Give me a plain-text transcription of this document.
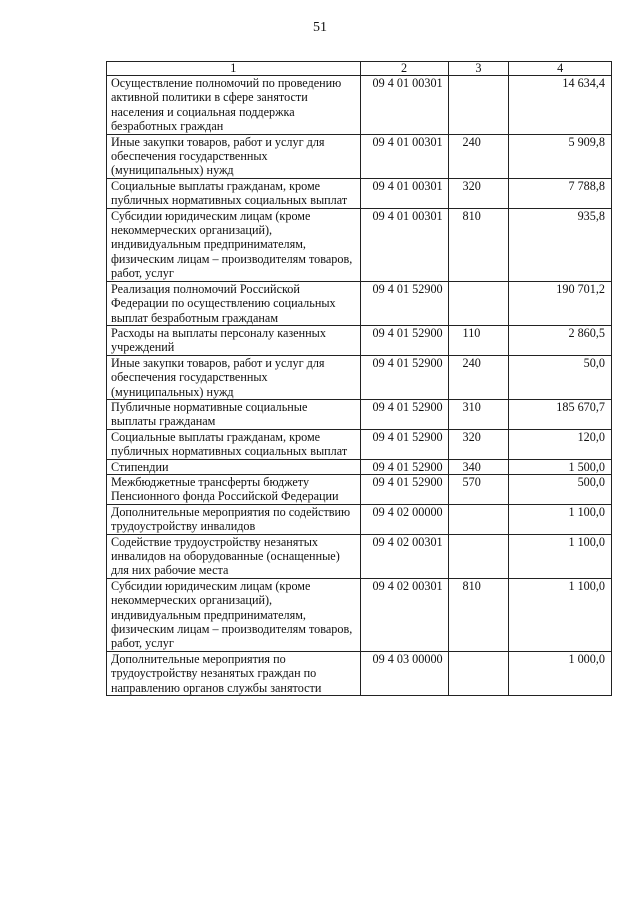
51
1	2	3	4
Осуществление полномочий по проведению активной политики в сфере занятости населения и социальная поддержка безработных граждан	09 4 01 00301		14 634,4
Иные закупки товаров, работ и услуг для обеспечения государственных (муниципальных) нужд	09 4 01 00301	240	5 909,8
Социальные выплаты гражданам, кроме публичных нормативных социальных выплат	09 4 01 00301	320	7 788,8
Субсидии юридическим лицам (кроме некоммерческих организаций), индивидуальным предпринимателям, физическим лицам – производителям товаров, работ, услуг	09 4 01 00301	810	935,8
Реализация полномочий Российской Федерации по осуществлению социальных выплат безработным гражданам	09 4 01 52900		190 701,2
Расходы на выплаты персоналу казенных учреждений	09 4 01 52900	110	2 860,5
Иные закупки товаров, работ и услуг для обеспечения государственных (муниципальных) нужд	09 4 01 52900	240	50,0
Публичные нормативные социальные выплаты гражданам	09 4 01 52900	310	185 670,7
Социальные выплаты гражданам, кроме публичных нормативных социальных выплат	09 4 01 52900	320	120,0
Стипендии	09 4 01 52900	340	1 500,0
Межбюджетные трансферты бюджету Пенсионного фонда Российской Федерации	09 4 01 52900	570	500,0
Дополнительные мероприятия по содействию трудоустройству инвалидов	09 4 02 00000		1 100,0
Содействие трудоустройству незанятых инвалидов на оборудованные (оснащенные) для них рабочие места	09 4 02 00301		1 100,0
Субсидии юридическим лицам (кроме некоммерческих организаций), индивидуальным предпринимателям, физическим лицам – производителям товаров, работ, услуг	09 4 02 00301	810	1 100,0
Дополнительные мероприятия по трудоустройству незанятых граждан по направлению органов службы занятости	09 4 03 00000		1 000,0
